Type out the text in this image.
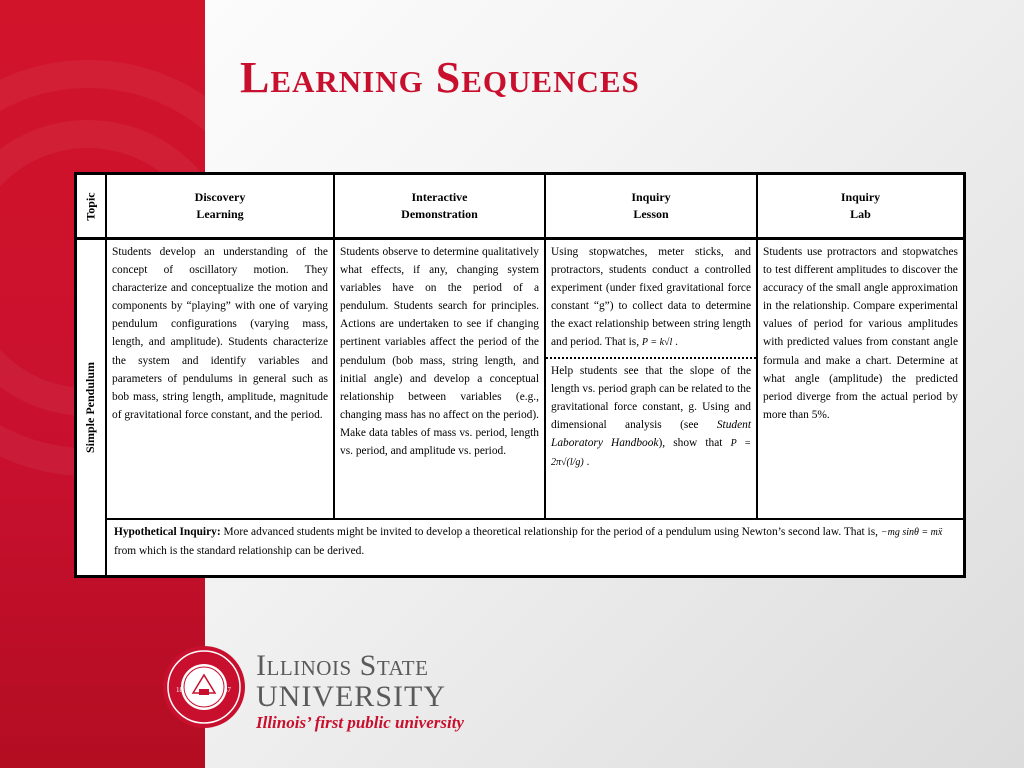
Learning Sequences
Topic
Simple Pendulum
Discovery
Learning
Interactive
Demonstration
Inquiry
Lesson
Inquiry
Lab
Students develop an understanding of the concept of oscillatory motion. They characterize and conceptualize the motion and components by “playing” with one of varying pendulum configurations (varying mass, length, and amplitude). Students characterize the system and identify variables and parameters of pendulums in general such as bob mass, string length, amplitude, magnitude of gravitational force constant, and the period.
Students observe to determine qualitatively what effects, if any, changing system variables have on the period of a pendulum. Students search for principles. Actions are undertaken to see if changing pertinent variables affect the period of the pendulum (bob mass, string length, and initial angle) and develop a conceptual relationship between variables (e.g., changing mass has no affect on the period). Make data tables of mass vs. period, length vs. period, and amplitude vs. period.
Using stopwatches, meter sticks, and protractors, students conduct a controlled experiment (under fixed gravitational force constant “g”) to collect data to determine the exact relationship between string length and period. That is, P = k√l .
Help students see that the slope of the length vs. period graph can be related to the gravitational force constant, g. Using and dimensional analysis (see Student Laboratory Handbook), show that P = 2π√(l/g) .
Students use protractors and stopwatches to test different amplitudes to discover the accuracy of the small angle approximation in the relationship. Compare experimental values of period for various amplitudes with predicted values from constant angle formula and make a chart. Determine at what angle (amplitude) the predicted period diverge from the actual period by more than 5%.
Hypothetical Inquiry: More advanced students might be invited to develop a theoretical relationship for the period of a pendulum using Newton’s second law. That is, −mg sinθ = mẍ from which is the standard relationship can be derived.
18	57
Illinois State
UNIVERSITY
Illinois’ first public university
